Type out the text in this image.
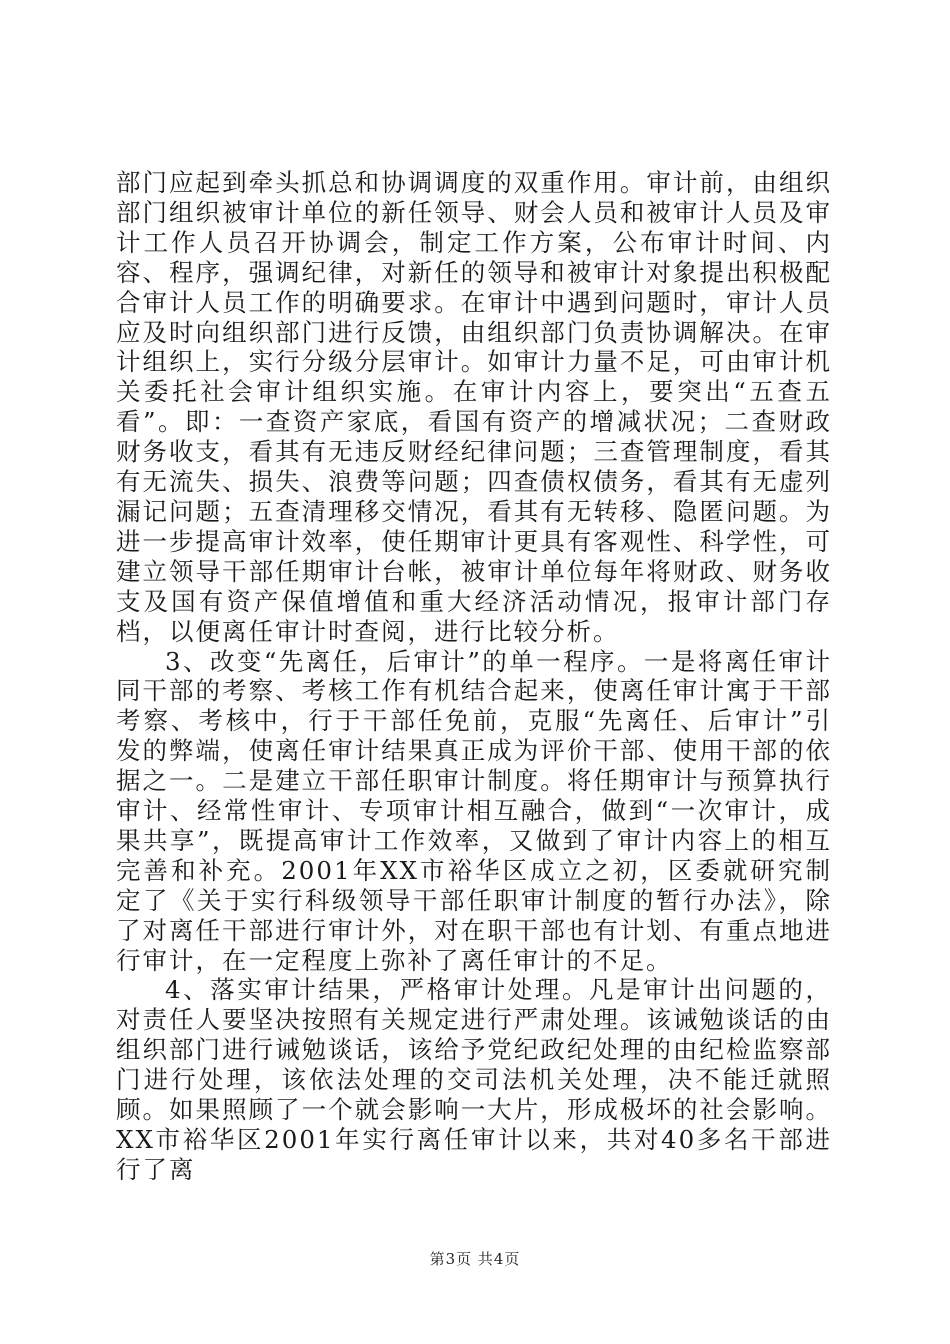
部门应起到牵头抓总和协调调度的双重作用。审计前，由组织部门组织被审计单位的新任领导、财会人员和被审计人员及审计工作人员召开协调会，制定工作方案，公布审计时间、内容、程序，强调纪律，对新任的领导和被审计对象提出积极配合审计人员工作的明确要求。在审计中遇到问题时，审计人员应及时向组织部门进行反馈，由组织部门负责协调解决。在审计组织上，实行分级分层审计。如审计力量不足，可由审计机关委托社会审计组织实施。在审计内容上，要突出“五查五看”。即：一查资产家底，看国有资产的增减状况；二查财政财务收支，看其有无违反财经纪律问题；三查管理制度，看其有无流失、损失、浪费等问题；四查债权债务，看其有无虚列漏记问题；五查清理移交情况，看其有无转移、隐匿问题。为进一步提高审计效率，使任期审计更具有客观性、科学性，可建立领导干部任期审计台帐，被审计单位每年将财政、财务收支及国有资产保值增值和重大经济活动情况，报审计部门存档，以便离任审计时查阅，进行比较分析。

3、改变“先离任，后审计”的单一程序。一是将离任审计同干部的考察、考核工作有机结合起来，使离任审计寓于干部考察、考核中，行于干部任免前，克服“先离任、后审计”引发的弊端，使离任审计结果真正成为评价干部、使用干部的依据之一。二是建立干部任职审计制度。将任期审计与预算执行审计、经常性审计、专项审计相互融合，做到“一次审计，成果共享”，既提高审计工作效率，又做到了审计内容上的相互完善和补充。2001年XX市裕华区成立之初，区委就研究制定了《关于实行科级领导干部任职审计制度的暂行办法》，除了对离任干部进行审计外，对在职干部也有计划、有重点地进行审计，在一定程度上弥补了离任审计的不足。

4、落实审计结果，严格审计处理。凡是审计出问题的，对责任人要坚决按照有关规定进行严肃处理。该诫勉谈话的由组织部门进行诫勉谈话，该给予党纪政纪处理的由纪检监察部门进行处理，该依法处理的交司法机关处理，决不能迁就照顾。如果照顾了一个就会影响一大片，形成极坏的社会影响。XX市裕华区2001年实行离任审计以来，共对40多名干部进行了离

第3页 共4页
